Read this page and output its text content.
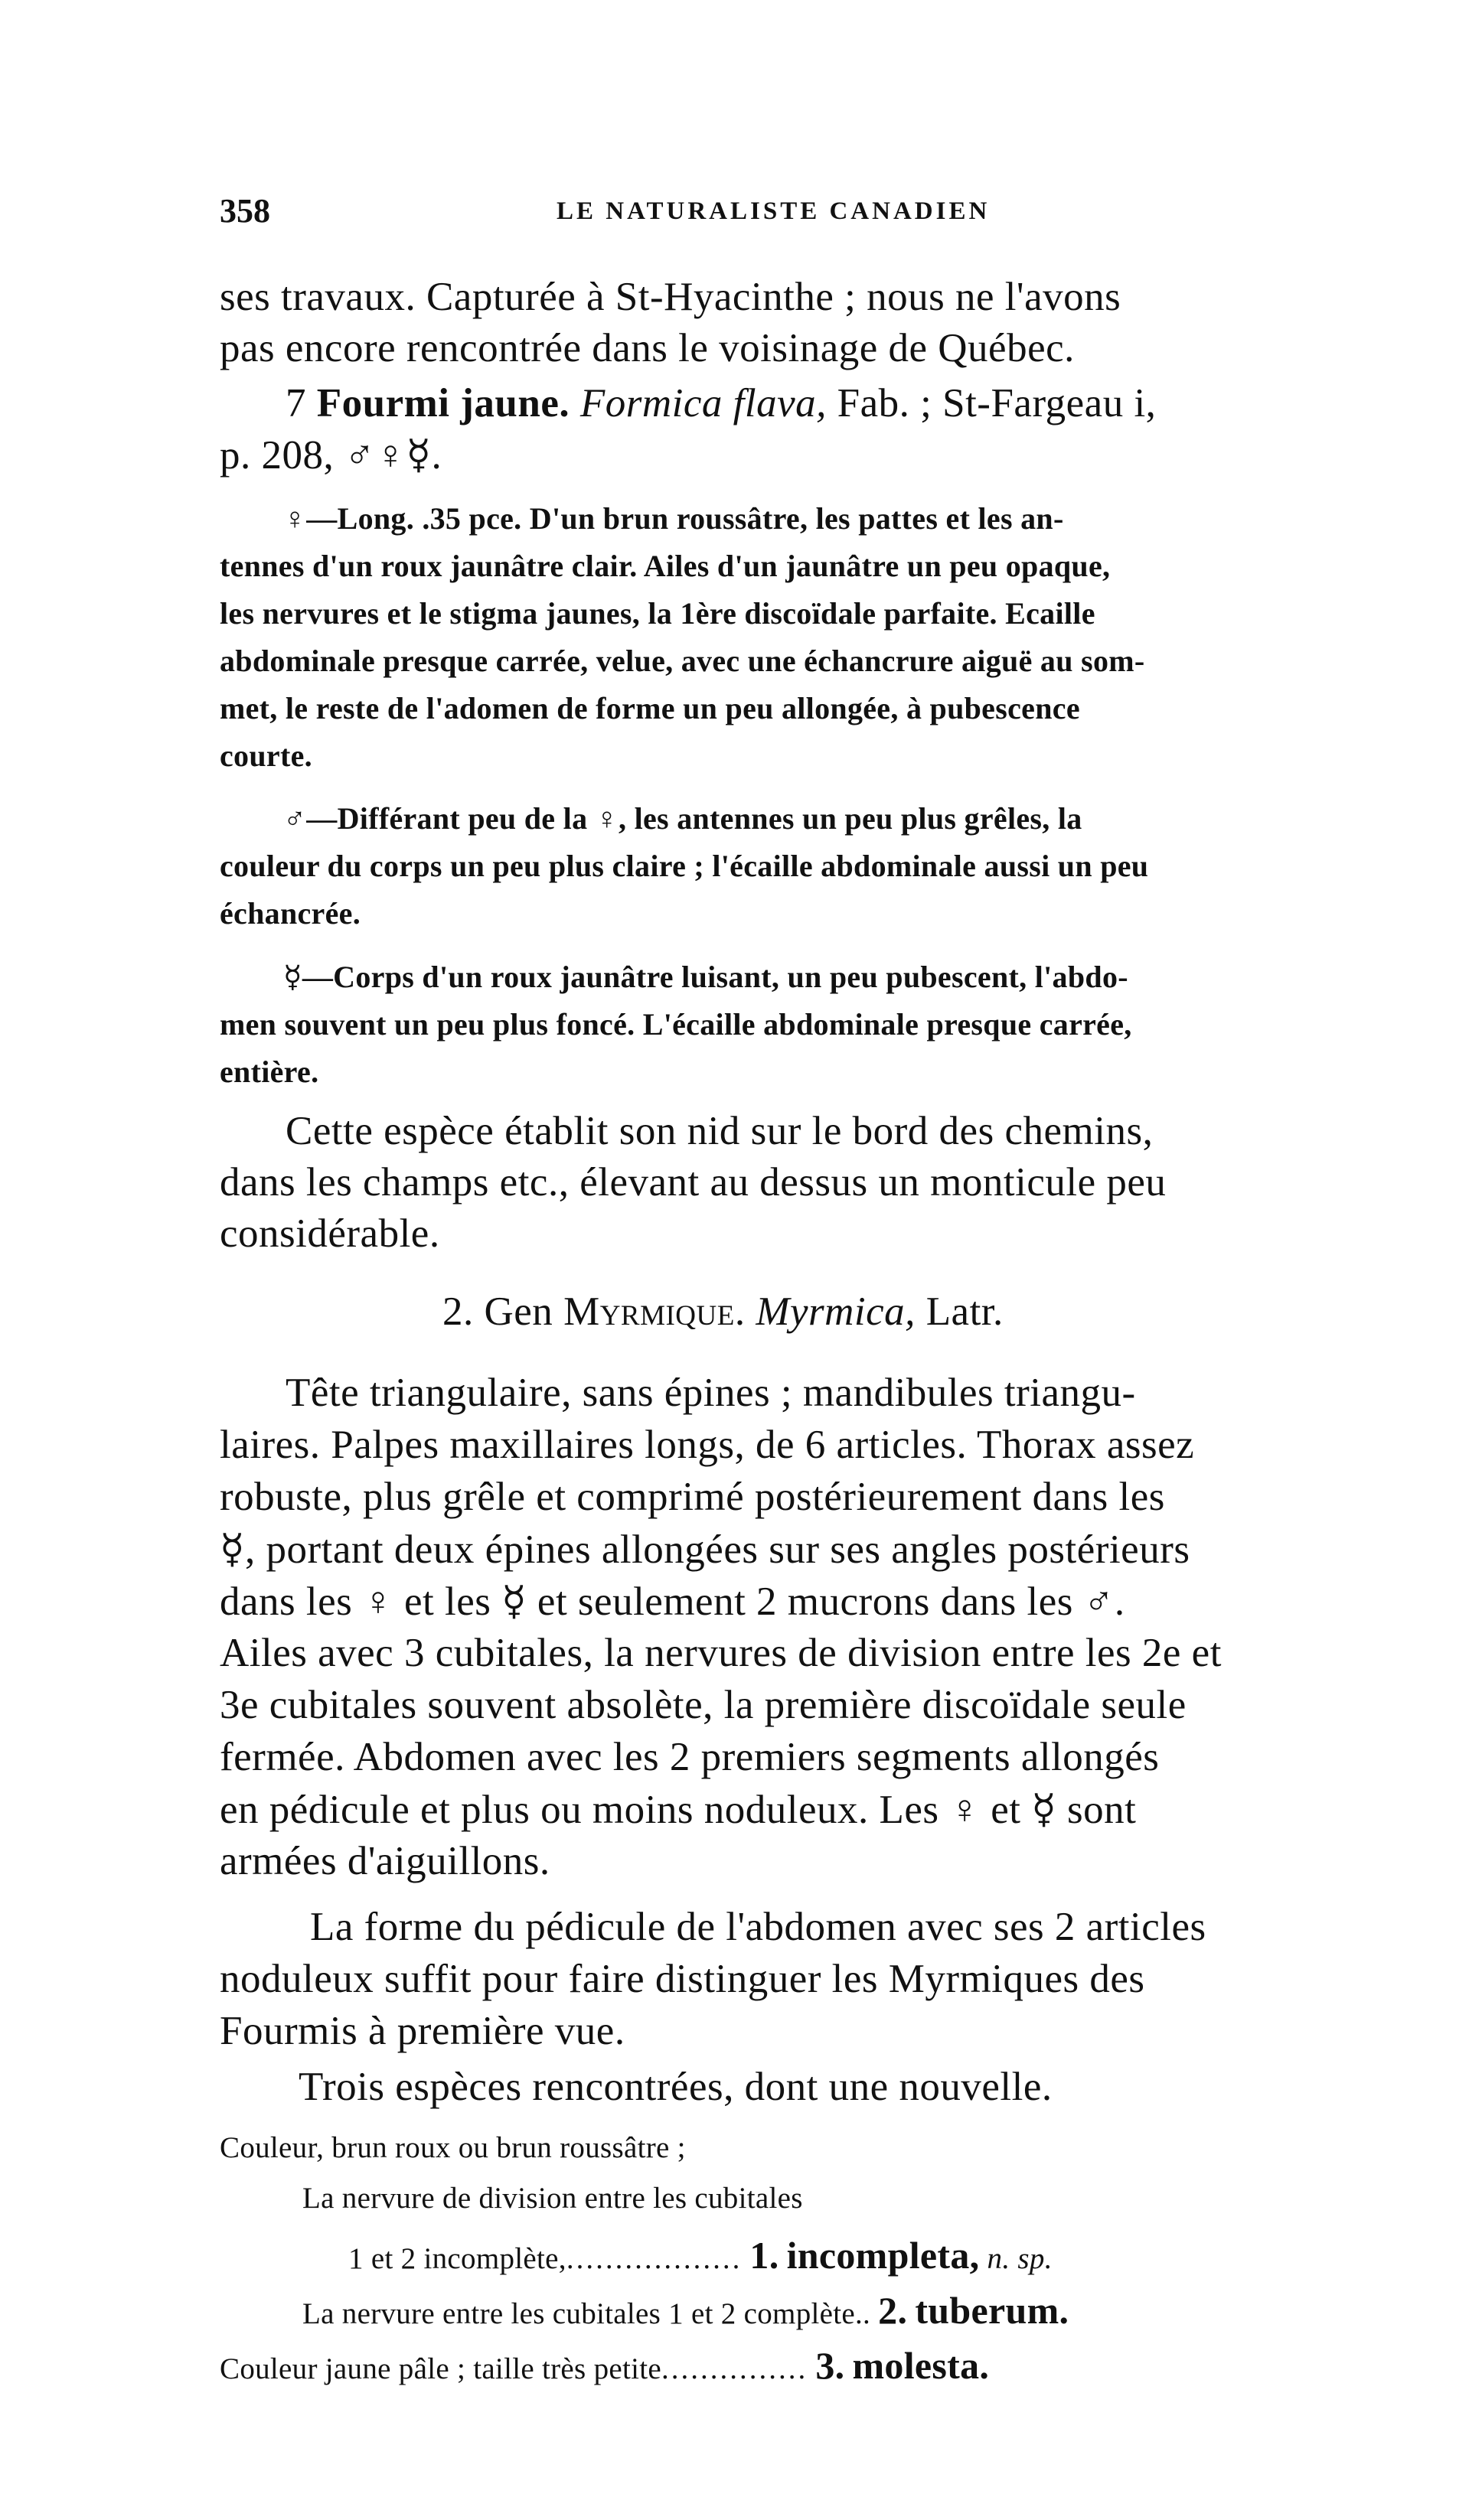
358	LE NATURALISTE CANADIEN
ses travaux. Capturée à St-Hyacinthe ; nous ne l'avons
pas encore rencontrée dans le voisinage de Québec.
7 Fourmi jaune. Formica flava, Fab. ; St-Fargeau i,
p. 208, ♂♀☿.
♀—Long. .35 pce. D'un brun roussâtre, les pattes et les an-
tennes d'un roux jaunâtre clair. Ailes d'un jaunâtre un peu opaque,
les nervures et le stigma jaunes, la 1ère discoïdale parfaite. Ecaille
abdominale presque carrée, velue, avec une échancrure aiguë au som-
met, le reste de l'adomen de forme un peu allongée, à pubescence
courte.
♂—Différant peu de la ♀, les antennes un peu plus grêles, la
couleur du corps un peu plus claire ; l'écaille abdominale aussi un peu
échancrée.
☿—Corps d'un roux jaunâtre luisant, un peu pubescent, l'abdo-
men souvent un peu plus foncé. L'écaille abdominale presque carrée,
entière.
Cette espèce établit son nid sur le bord des chemins,
dans les champs etc., élevant au dessus un monticule peu
considérable.
2. Gen Myrmique. Myrmica, Latr.
Tête triangulaire, sans épines ; mandibules triangu-
laires. Palpes maxillaires longs, de 6 articles. Thorax assez
robuste, plus grêle et comprimé postérieurement dans les
☿, portant deux épines allongées sur ses angles postérieurs
dans les ♀ et les ☿ et seulement 2 mucrons dans les ♂.
Ailes avec 3 cubitales, la nervures de division entre les 2e et
3e cubitales souvent absolète, la première discoïdale seule
fermée. Abdomen avec les 2 premiers segments allongés
en pédicule et plus ou moins noduleux. Les ♀ et ☿ sont
armées d'aiguillons.
La forme du pédicule de l'abdomen avec ses 2 articles
noduleux suffit pour faire distinguer les Myrmiques des
Fourmis à première vue.
Trois espèces rencontrées, dont une nouvelle.
Couleur, brun roux ou brun roussâtre ;
La nervure de division entre les cubitales
1 et 2 incomplète,.................. 1. incompleta, n. sp.
La nervure entre les cubitales 1 et 2 complète.. 2. tuberum.
Couleur jaune pâle ; taille très petite............... 3. molesta.
